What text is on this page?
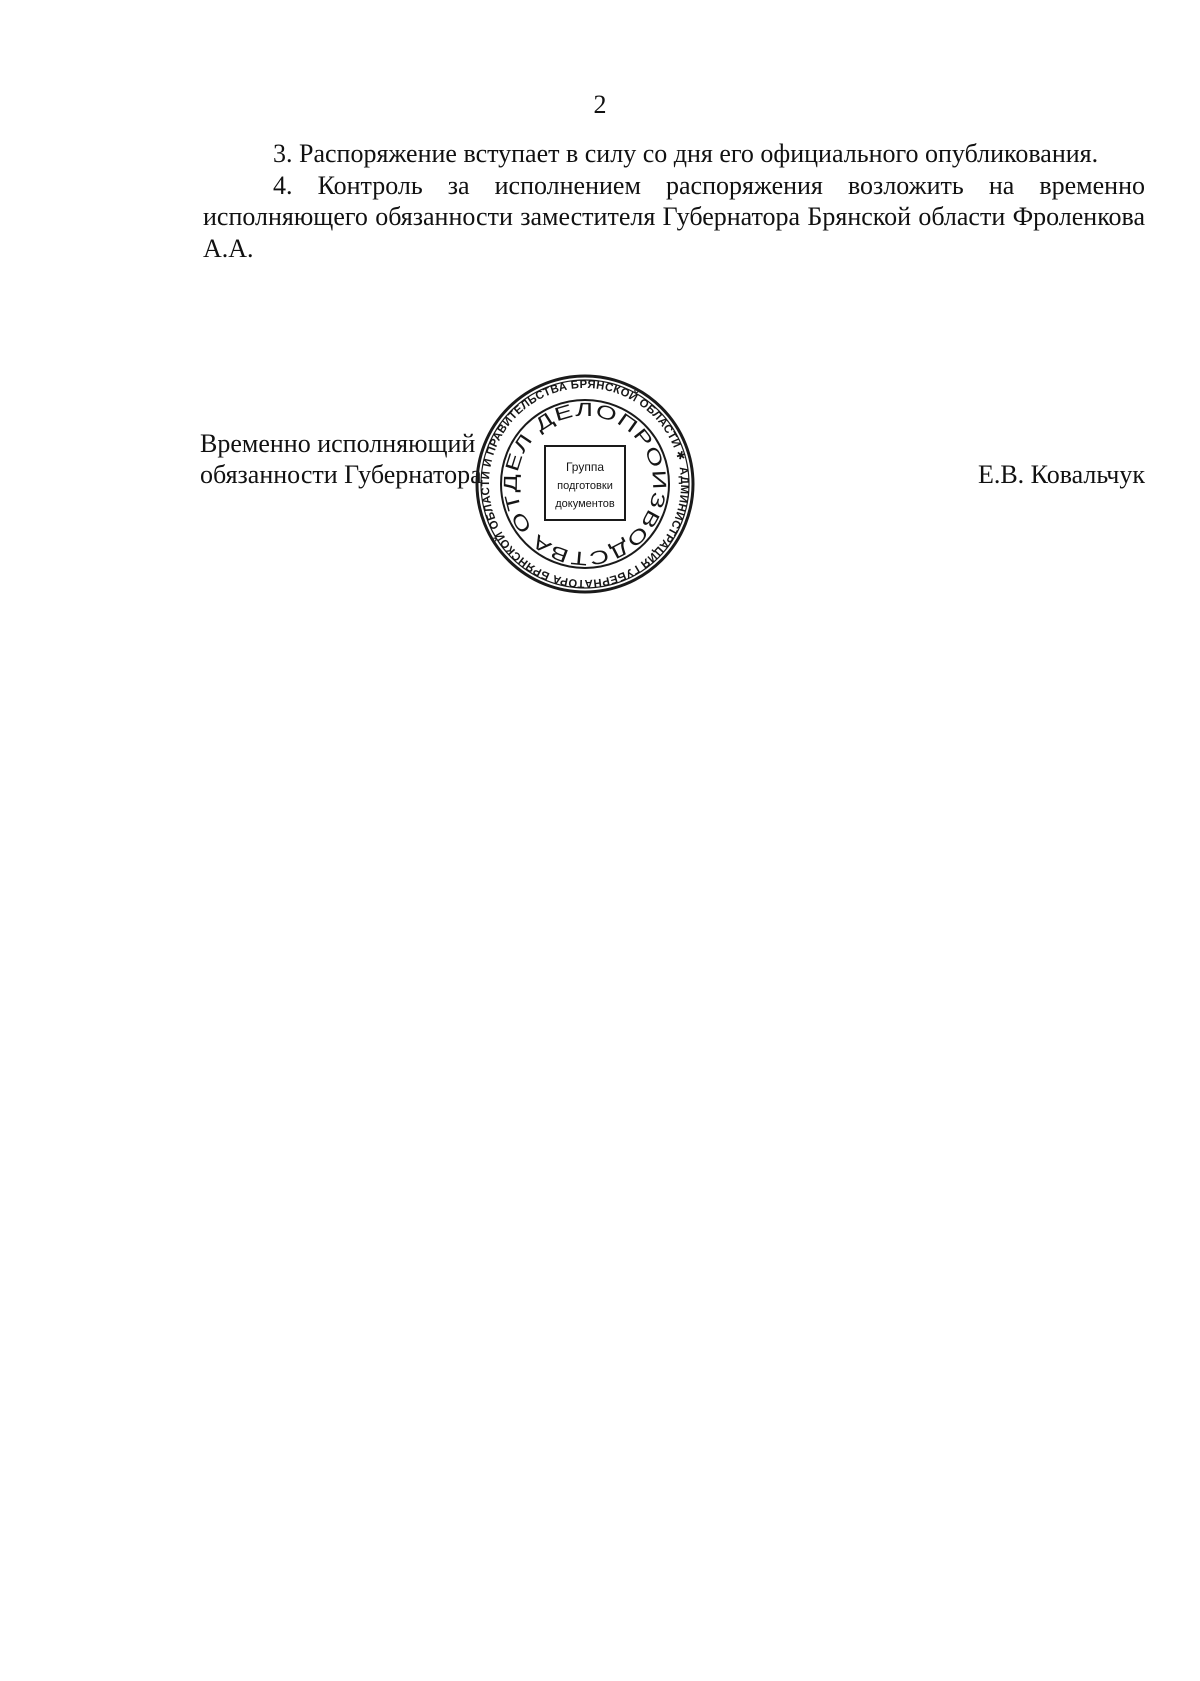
2

3. Распоряжение вступает в силу со дня его официального опубликования.

4. Контроль за исполнением распоряжения возложить на временно исполняющего обязанности заместителя Губернатора Брянской области Фроленкова А.А.

Временно исполняющий
обязанности Губернатора	Е.В. Ковальчук
АДМИНИСТРАЦИЯ ГУБЕРНАТОРА БРЯНСКОЙ ОБЛАСТИ И ПРАВИТЕЛЬСТВА БРЯНСКОЙ ОБЛАСТИ ✱
ОТДЕЛ ДЕЛОПРОИЗВОДСТВА
Группа
подготовки
документов
